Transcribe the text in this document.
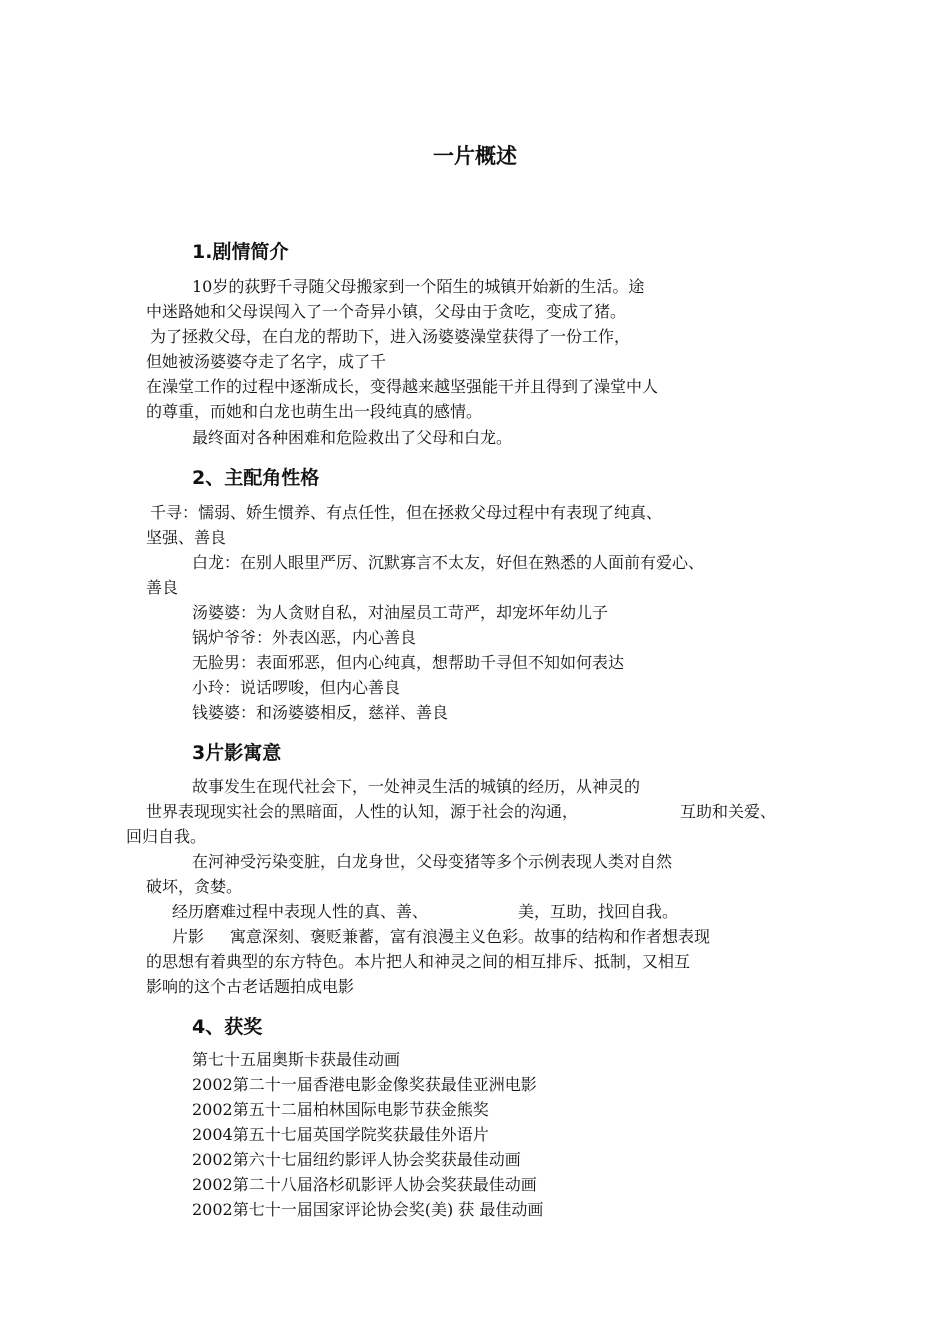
一片概述
1.剧情简介
10岁的荻野千寻随父母搬家到一个陌生的城镇开始新的生活。途
中迷路她和父母误闯入了一个奇异小镇，父母由于贪吃，变成了猪。
为了拯救父母，在白龙的帮助下，进入汤婆婆澡堂获得了一份工作，
但她被汤婆婆夺走了名字，成了千
在澡堂工作的过程中逐渐成长，变得越来越坚强能干并且得到了澡堂中人
的尊重，而她和白龙也萌生出一段纯真的感情。
最终面对各种困难和危险救出了父母和白龙。
2、主配角性格
千寻：懦弱、娇生惯养、有点任性，但在拯救父母过程中有表现了纯真、
坚强、善良
白龙：在别人眼里严厉、沉默寡言不太友，好但在熟悉的人面前有爱心、
善良
汤婆婆：为人贪财自私，对油屋员工苛严，却宠坏年幼儿子
锅炉爷爷：外表凶恶，内心善良
无脸男：表面邪恶，但内心纯真，想帮助千寻但不知如何表达
小玲：说话啰唆，但内心善良
钱婆婆：和汤婆婆相反，慈祥、善良
3片影寓意
故事发生在现代社会下，一处神灵生活的城镇的经历，从神灵的
世界表现现实社会的黑暗面，人性的认知，源于社会的沟通，	互助和关爱、
回归自我。
在河神受污染变脏，白龙身世，父母变猪等多个示例表现人类对自然
破坏，贪婪。
经历磨难过程中表现人性的真、善、	美，互助，找回自我。
片影 寓意深刻、褒贬兼蓄，富有浪漫主义色彩。故事的结构和作者想表现
的思想有着典型的东方特色。本片把人和神灵之间的相互排斥、抵制，又相互
影响的这个古老话题拍成电影
4、获奖
第七十五届奥斯卡获最佳动画
2002第二十一届香港电影金像奖获最佳亚洲电影
2002第五十二届柏林国际电影节获金熊奖
2004第五十七届英国学院奖获最佳外语片
2002第六十七届纽约影评人协会奖获最佳动画
2002第二十八届洛杉矶影评人协会奖获最佳动画
2002第七十一届国家评论协会奖(美) 获 最佳动画
